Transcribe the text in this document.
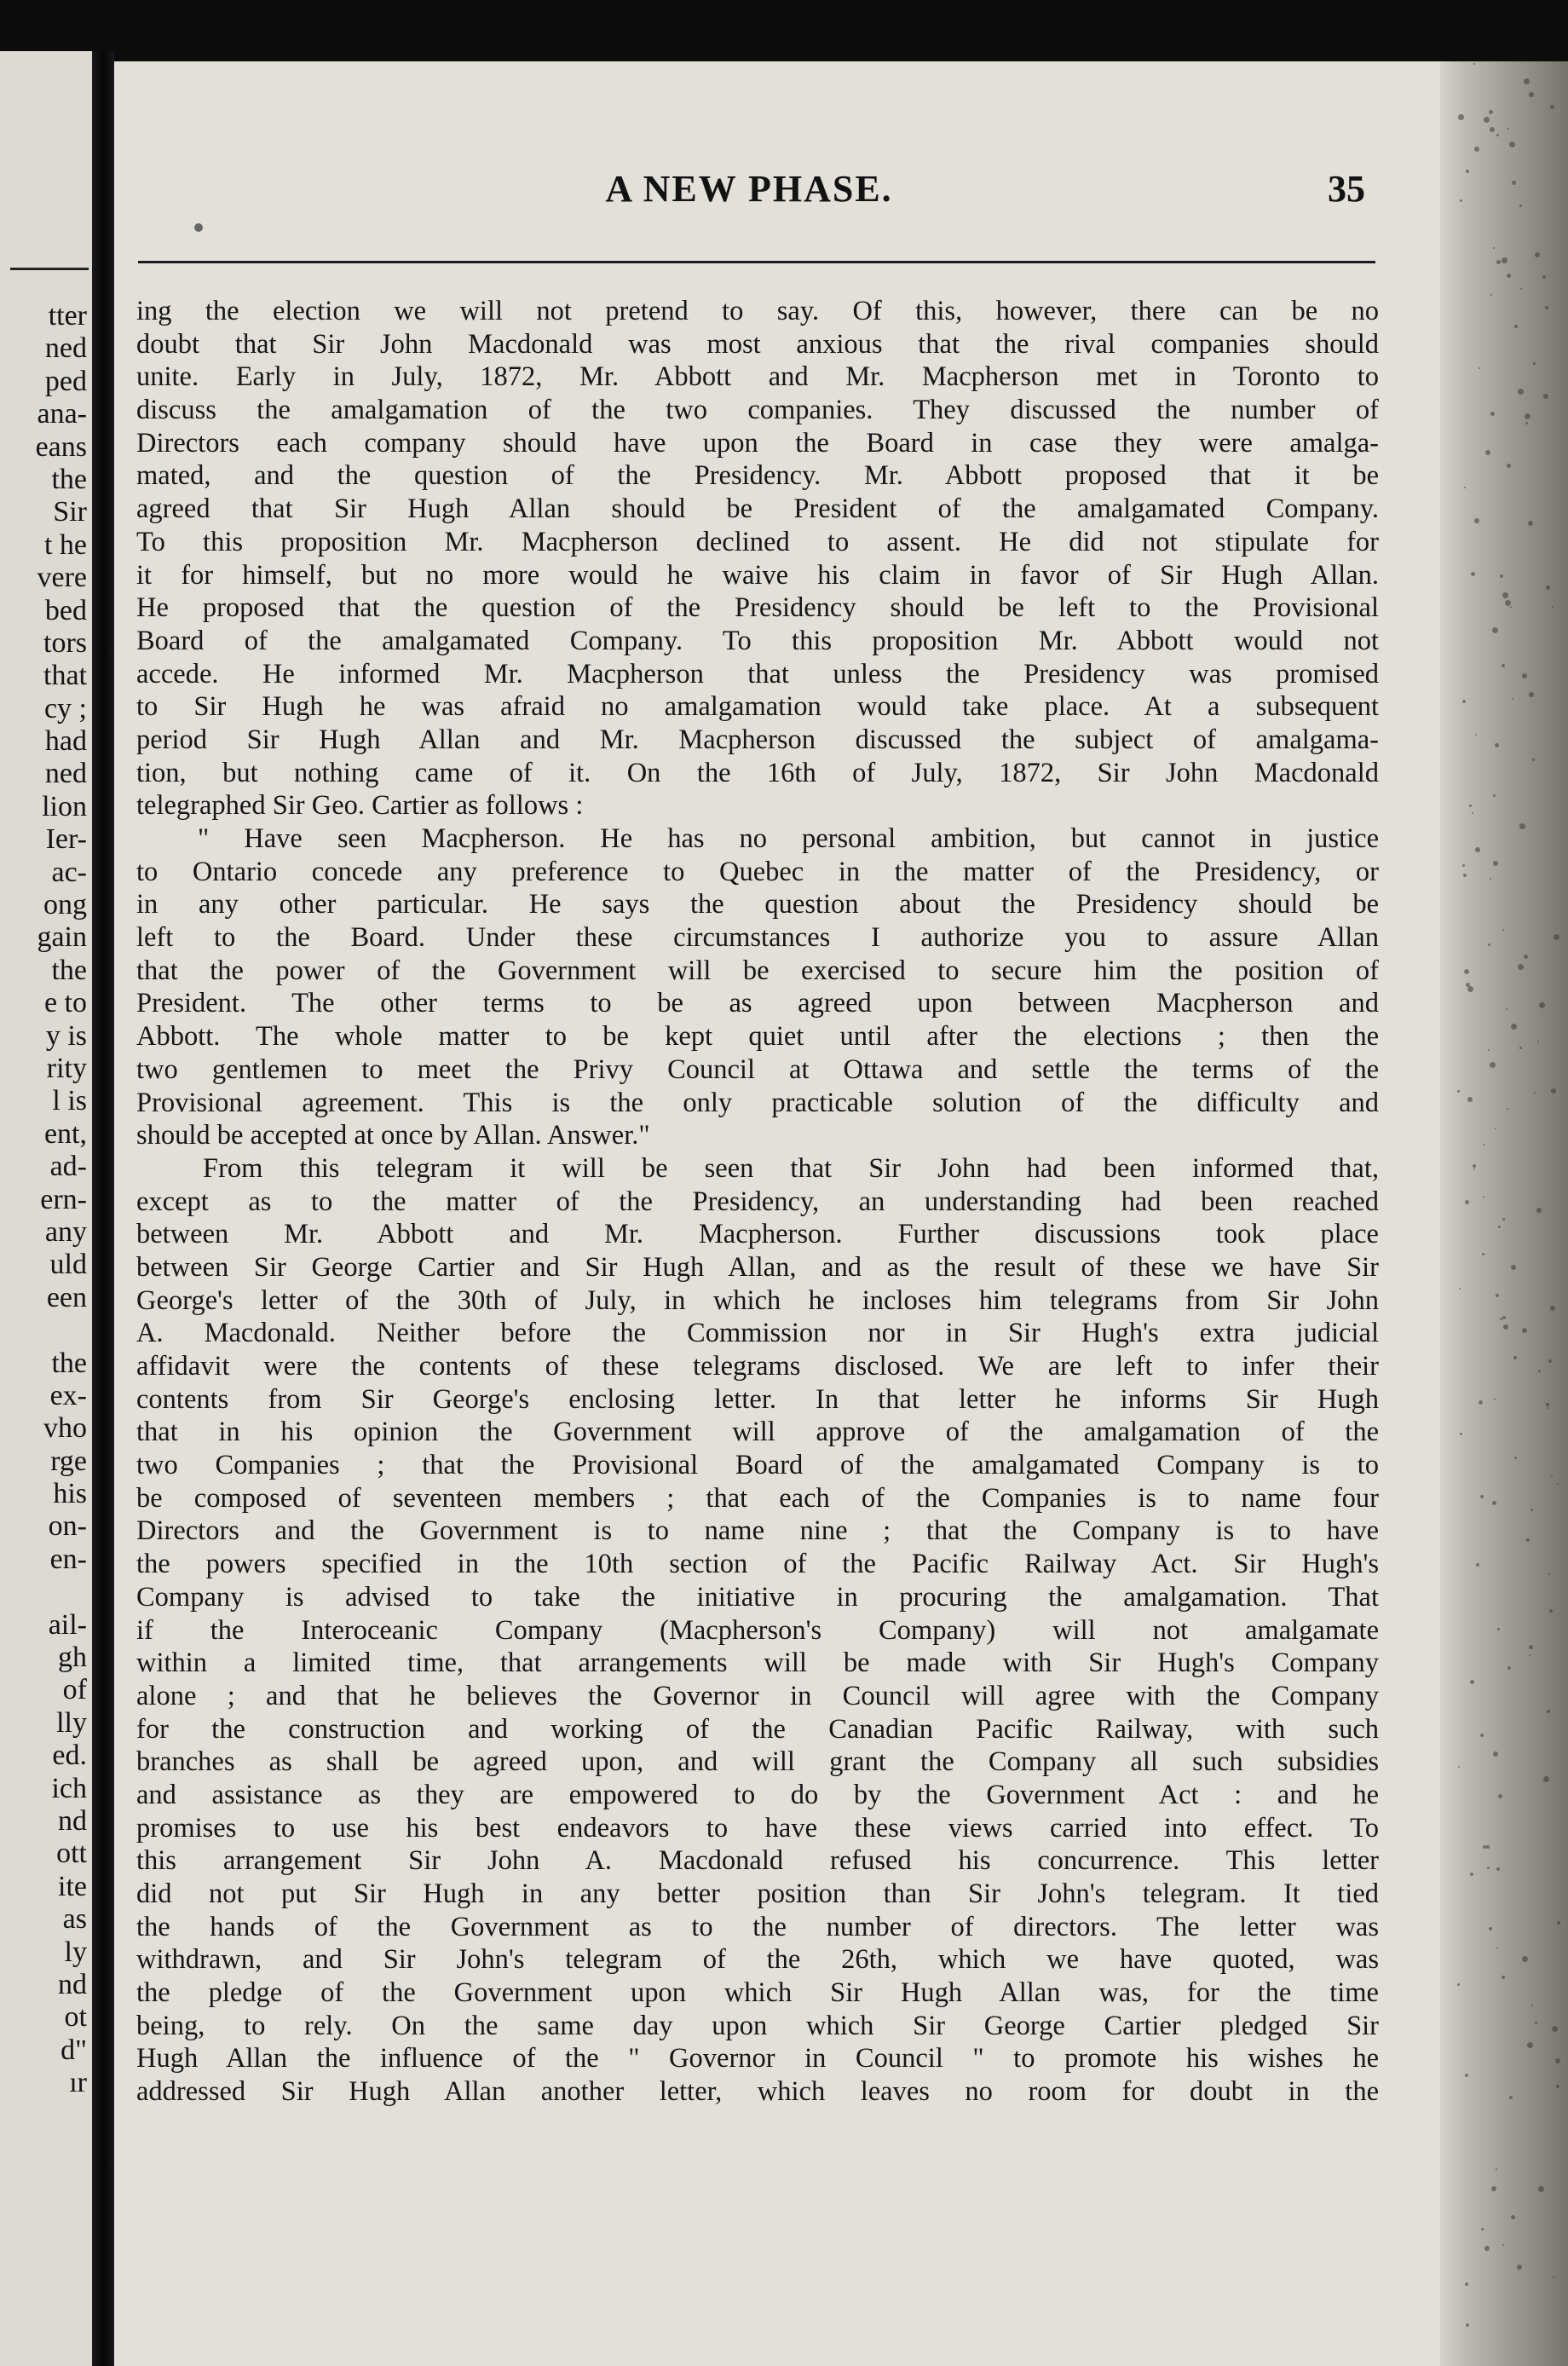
tter
ned
ped
ana-
eans
the
Sir
t he
vere
bed
tors
that
cy ;
had
ned
lion
Ier-
ac-
ong
gain
the
e to
y is
rity
l is
ent,
ad-
ern-
any
uld
een
the
ex-
vho
rge
his
on-
en-
ail-
gh
of
lly
ed.
ich
nd
ott
ite
as
ly
nd
ot
d"
ır
A NEW PHASE.	35
ing the election we will not pretend to say. Of this, however, there can be no
doubt that Sir John Macdonald was most anxious that the rival companies should
unite. Early in July, 1872, Mr. Abbott and Mr. Macpherson met in Toronto to
discuss the amalgamation of the two companies. They discussed the number of
Directors each company should have upon the Board in case they were amalga-
mated, and the question of the Presidency. Mr. Abbott proposed that it be
agreed that Sir Hugh Allan should be President of the amalgamated Company.
To this proposition Mr. Macpherson declined to assent. He did not stipulate for
it for himself, but no more would he waive his claim in favor of Sir Hugh Allan.
He proposed that the question of the Presidency should be left to the Provisional
Board of the amalgamated Company. To this proposition Mr. Abbott would not
accede. He informed Mr. Macpherson that unless the Presidency was promised
to Sir Hugh he was afraid no amalgamation would take place. At a subsequent
period Sir Hugh Allan and Mr. Macpherson discussed the subject of amalgama-
tion, but nothing came of it. On the 16th of July, 1872, Sir John Macdonald
telegraphed Sir Geo. Cartier as follows :
" Have seen Macpherson. He has no personal ambition, but cannot in justice
to Ontario concede any preference to Quebec in the matter of the Presidency, or
in any other particular. He says the question about the Presidency should be
left to the Board. Under these circumstances I authorize you to assure Allan
that the power of the Government will be exercised to secure him the position of
President. The other terms to be as agreed upon between Macpherson and
Abbott. The whole matter to be kept quiet until after the elections ; then the
two gentlemen to meet the Privy Council at Ottawa and settle the terms of the
Provisional agreement. This is the only practicable solution of the difficulty and
should be accepted at once by Allan. Answer."
From this telegram it will be seen that Sir John had been informed that,
except as to the matter of the Presidency, an understanding had been reached
between Mr. Abbott and Mr. Macpherson. Further discussions took place
between Sir George Cartier and Sir Hugh Allan, and as the result of these we have Sir
George's letter of the 30th of July, in which he incloses him telegrams from Sir John
A. Macdonald. Neither before the Commission nor in Sir Hugh's extra judicial
affidavit were the contents of these telegrams disclosed. We are left to infer their
contents from Sir George's enclosing letter. In that letter he informs Sir Hugh
that in his opinion the Government will approve of the amalgamation of the
two Companies ; that the Provisional Board of the amalgamated Company is to
be composed of seventeen members ; that each of the Companies is to name four
Directors and the Government is to name nine ; that the Company is to have
the powers specified in the 10th section of the Pacific Railway Act. Sir Hugh's
Company is advised to take the initiative in procuring the amalgamation. That
if the Interoceanic Company (Macpherson's Company) will not amalgamate
within a limited time, that arrangements will be made with Sir Hugh's Company
alone ; and that he believes the Governor in Council will agree with the Company
for the construction and working of the Canadian Pacific Railway, with such
branches as shall be agreed upon, and will grant the Company all such subsidies
and assistance as they are empowered to do by the Government Act : and he
promises to use his best endeavors to have these views carried into effect. To
this arrangement Sir John A. Macdonald refused his concurrence. This letter
did not put Sir Hugh in any better position than Sir John's telegram. It tied
the hands of the Government as to the number of directors. The letter was
withdrawn, and Sir John's telegram of the 26th, which we have quoted, was
the pledge of the Government upon which Sir Hugh Allan was, for the time
being, to rely. On the same day upon which Sir George Cartier pledged Sir
Hugh Allan the influence of the " Governor in Council " to promote his wishes he
addressed Sir Hugh Allan another letter, which leaves no room for doubt in the
